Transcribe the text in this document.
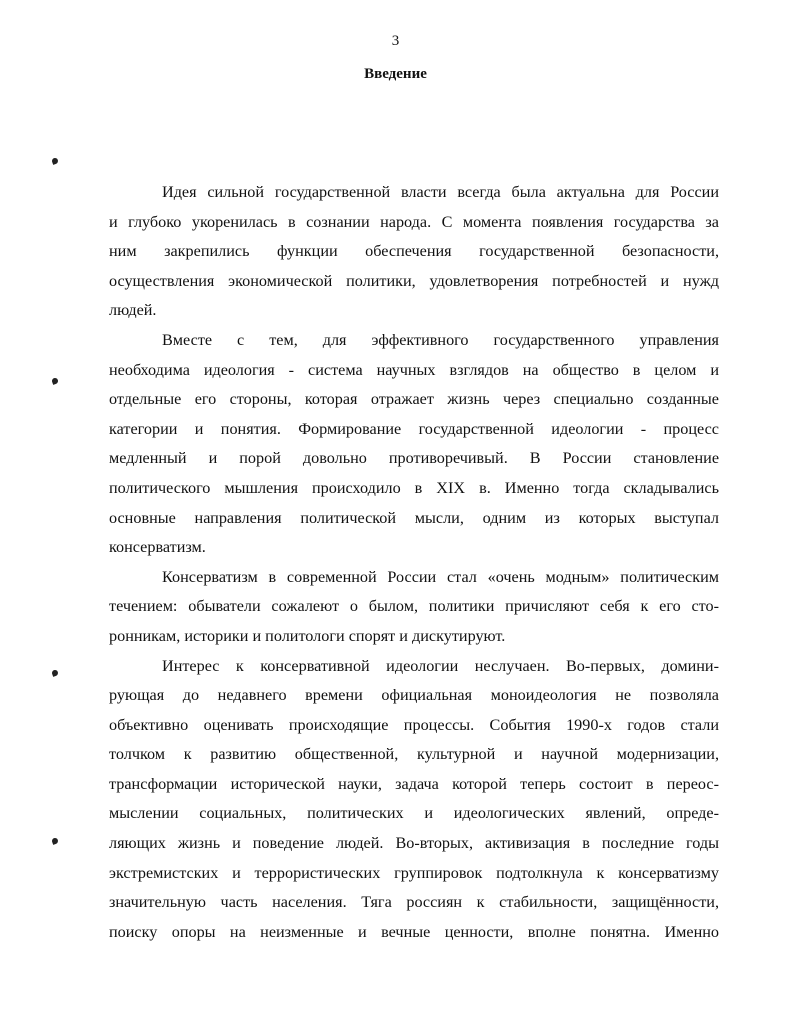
3
Введение
Идея сильной государственной власти всегда была актуальна для России
и глубоко укоренилась в сознании народа. С момента появления государства за
ним закрепились функции обеспечения государственной безопасности,
осуществления экономической политики, удовлетворения потребностей и нужд
людей.
Вместе с тем, для эффективного государственного управления
необходима идеология - система научных взглядов на общество в целом и
отдельные его стороны, которая отражает жизнь через специально созданные
категории и понятия. Формирование государственной идеологии - процесс
медленный и порой довольно противоречивый. В России становление
политического мышления происходило в XIX в. Именно тогда складывались
основные направления политической мысли, одним из которых выступал
консерватизм.
Консерватизм в современной России стал «очень модным» политическим
течением: обыватели сожалеют о былом, политики причисляют себя к его сто-
ронникам, историки и политологи спорят и дискутируют.
Интерес к консервативной идеологии неслучаен. Во-первых, домини-
рующая до недавнего времени официальная моноидеология не позволяла
объективно оценивать происходящие процессы. События 1990-х годов стали
толчком к развитию общественной, культурной и научной модернизации,
трансформации исторической науки, задача которой теперь состоит в переос-
мыслении социальных, политических и идеологических явлений, опреде-
ляющих жизнь и поведение людей. Во-вторых, активизация в последние годы
экстремистских и террористических группировок подтолкнула к консерватизму
значительную часть населения. Тяга россиян к стабильности, защищённости,
поиску опоры на неизменные и вечные ценности, вполне понятна. Именно
